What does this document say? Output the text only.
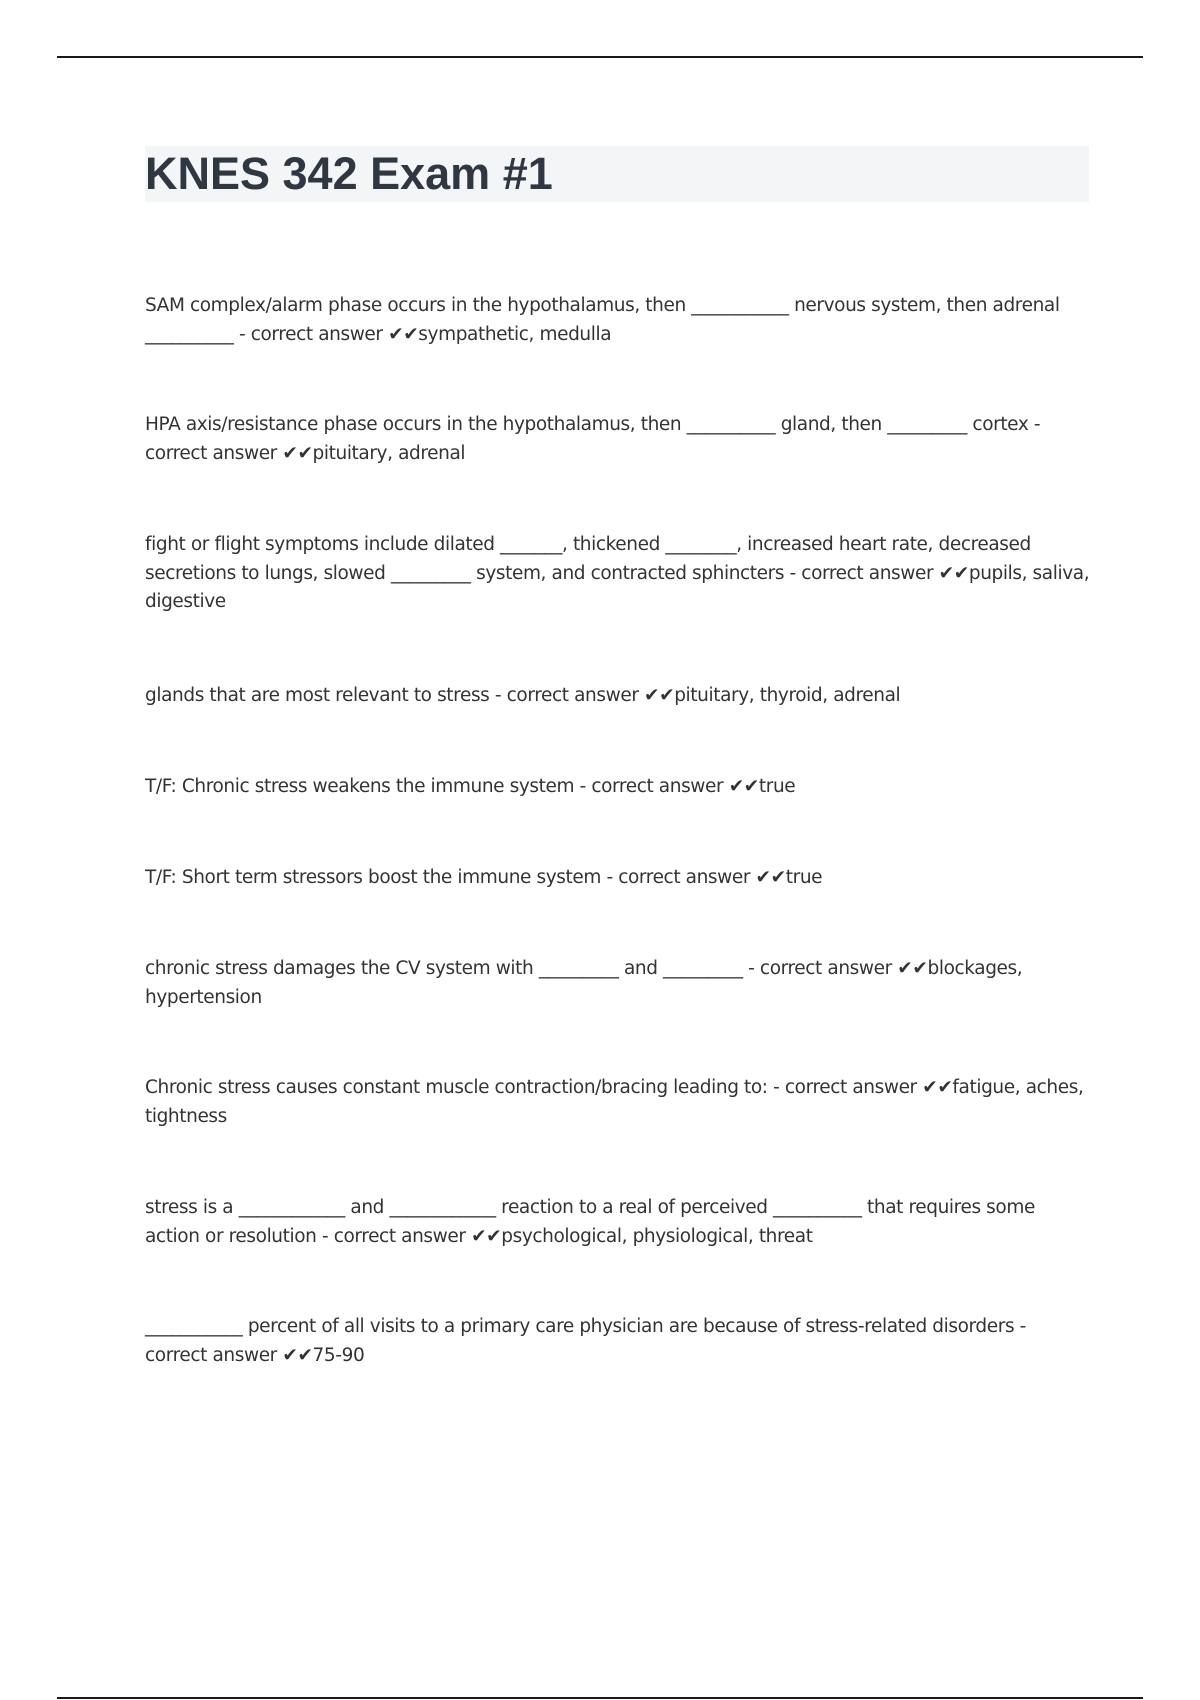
KNES 342 Exam #1

SAM complex/alarm phase occurs in the hypothalamus, then ___________ nervous system, then adrenal __________ - correct answer ✔✔sympathetic, medulla

HPA axis/resistance phase occurs in the hypothalamus, then __________ gland, then _________ cortex - correct answer ✔✔pituitary, adrenal

fight or flight symptoms include dilated _______, thickened ________, increased heart rate, decreased secretions to lungs, slowed _________ system, and contracted sphincters - correct answer ✔✔pupils, saliva, digestive

glands that are most relevant to stress - correct answer ✔✔pituitary, thyroid, adrenal

T/F: Chronic stress weakens the immune system - correct answer ✔✔true

T/F: Short term stressors boost the immune system - correct answer ✔✔true

chronic stress damages the CV system with _________ and _________ - correct answer ✔✔blockages, hypertension

Chronic stress causes constant muscle contraction/bracing leading to: - correct answer ✔✔fatigue, aches, tightness

stress is a ____________ and ____________ reaction to a real of perceived __________ that requires some action or resolution - correct answer ✔✔psychological, physiological, threat

___________ percent of all visits to a primary care physician are because of stress-related disorders - correct answer ✔✔75-90
